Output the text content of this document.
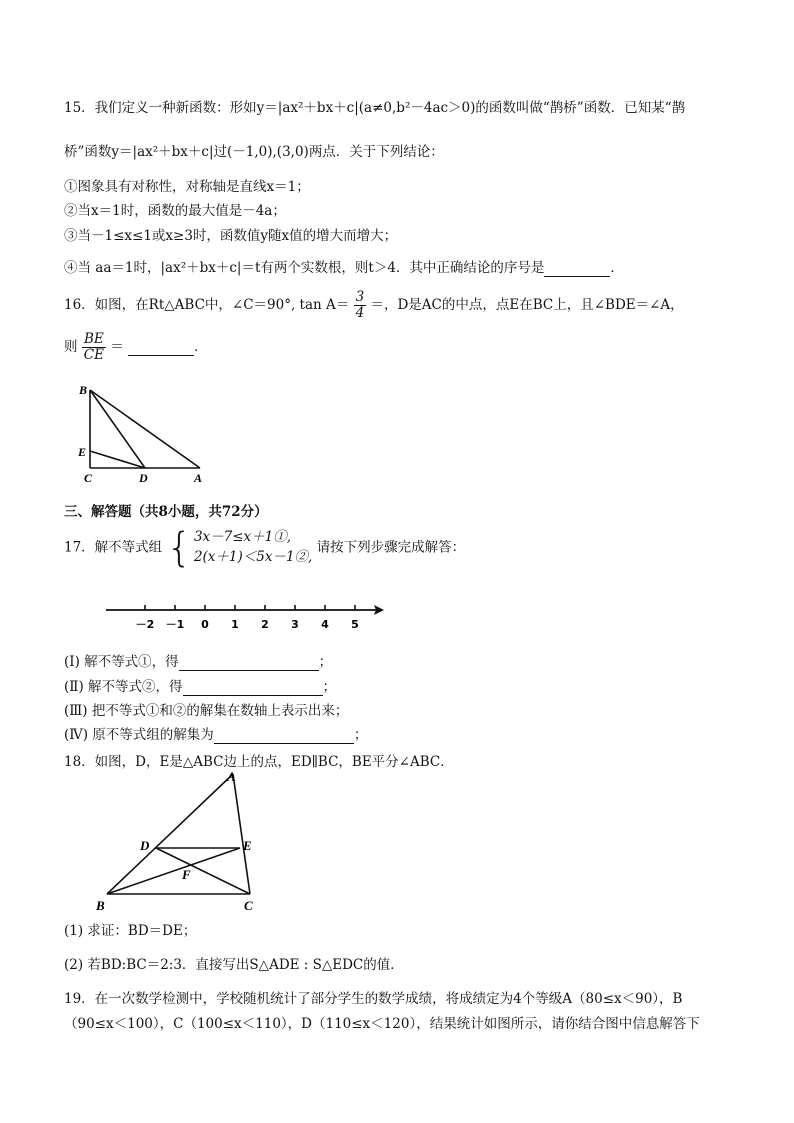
15．我们定义一种新函数：形如y＝|ax²＋bx＋c|(a≠0,b²－4ac＞0)的函数叫做“鹊桥”函数．已知某“鹊
桥”函数y＝|ax²＋bx＋c|过(－1,0),(3,0)两点．关于下列结论：
①图象具有对称性，对称轴是直线x＝1；
②当x＝1时，函数的最大值是－4a；
③当－1≤x≤1或x≥3时，函数值y随x值的增大而增大；
④当 aa＝1时，|ax²＋bx＋c|＝t有两个实数根，则t＞4．其中正确结论的序号是	．
16．如图，在Rt△ABC中，∠C＝90°, $\tan A= \frac{3}{4}$ ＝，D是AC的中点，点E在BC上，且∠BDE＝∠A，
则 $\frac{BE}{CE}$ ＝	．
B
E
C	D	A
三、解答题（共8小题，共72分）
17．解不等式组 { 3x－7≤x＋1①,
2(x＋1)＜5x－1②,
请按下列步骤完成解答：
－2 －1 0 1 2 3 4 5
(Ⅰ) 解不等式①，得	；
(Ⅱ) 解不等式②，得	；
(Ⅲ) 把不等式①和②的解集在数轴上表示出来；
(Ⅳ) 原不等式组的解集为	；
18．如图，D，E是△ABC边上的点，ED∥BC，BE平分∠ABC．
A
D	E
F
B	C
(1) 求证：BD＝DE；
(2) 若BD:BC＝2:3．直接写出S△ADE : S△EDC的值．
19．在一次数学检测中，学校随机统计了部分学生的数学成绩，将成绩定为4个等级A（80≤x＜90），B
（90≤x＜100），C（100≤x＜110），D（110≤x＜120），结果统计如图所示，请你结合图中信息解答下
